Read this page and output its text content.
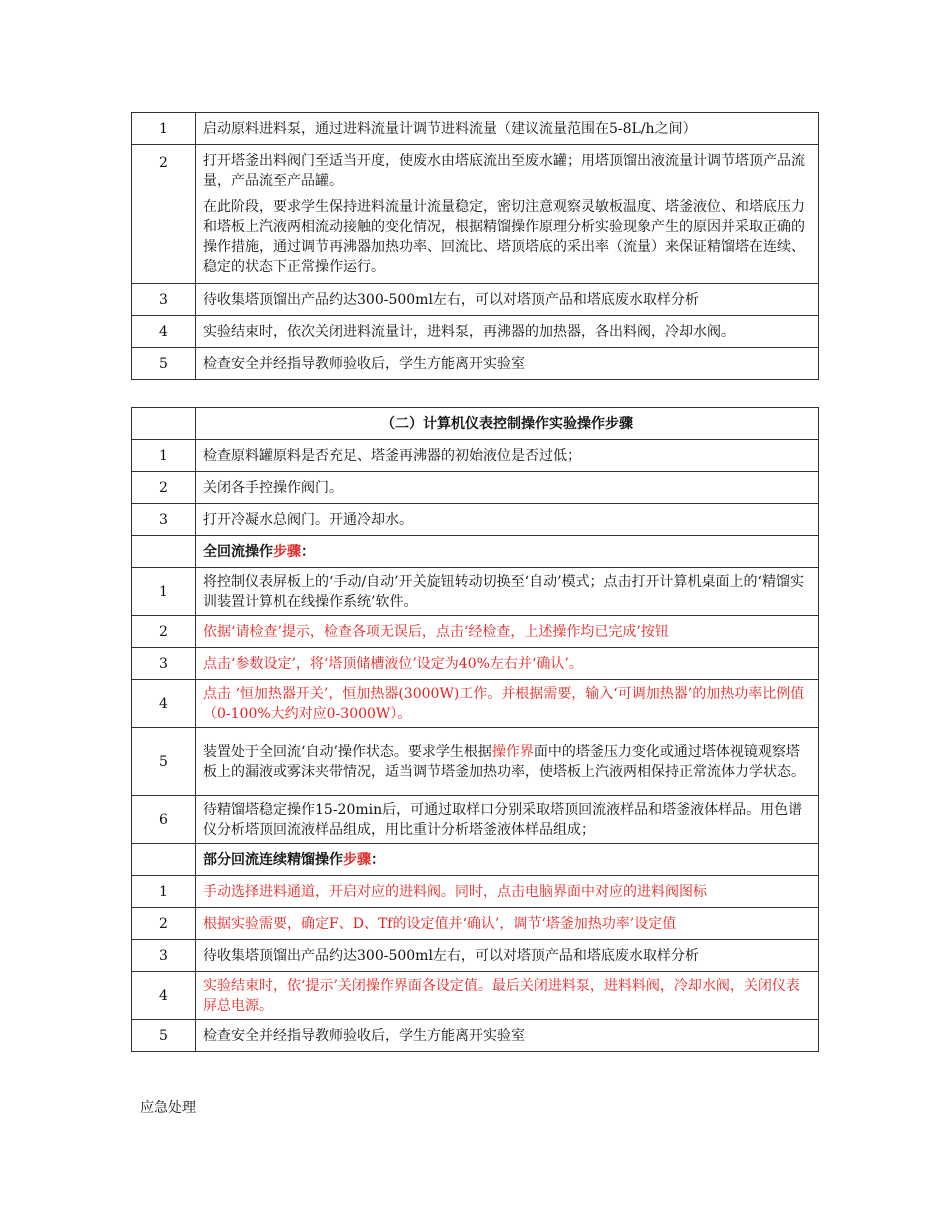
1	启动原料进料泵，通过进料流量计调节进料流量（建议流量范围在5-8L/h之间）
2	打开塔釜出料阀门至适当开度，使废水由塔底流出至废水罐；用塔顶馏出液流量计调节塔顶产品流量，产品流至产品罐。

在此阶段，要求学生保持进料流量计流量稳定，密切注意观察灵敏板温度、塔釜液位、和塔底压力和塔板上汽液两相流动接触的变化情况，根据精馏操作原理分析实验现象产生的原因并采取正确的操作措施，通过调节再沸器加热功率、回流比、塔顶塔底的采出率（流量）来保证精馏塔在连续、稳定的状态下正常操作运行。

3	待收集塔顶馏出产品约达300-500ml左右，可以对塔顶产品和塔底废水取样分析
4	实验结束时，依次关闭进料流量计，进料泵，再沸器的加热器，各出料阀，冷却水阀。
5	检查安全并经指导教师验收后，学生方能离开实验室
	（二）计算机仪表控制操作实验操作步骤
1	检查原料罐原料是否充足、塔釜再沸器的初始液位是否过低；
2	关闭各手控操作阀门。
3	打开冷凝水总阀门。开通冷却水。
	全回流操作步骤：
1	将控制仪表屏板上的‘手动/自动’开关旋钮转动切换至‘自动’模式；点击打开计算机桌面上的‘精馏实训装置计算机在线操作系统’软件。
2	依据‘请检查’提示，检查各项无误后，点击‘经检查，上述操作均已完成’按钮
3	点击‘参数设定’，将‘塔顶储槽液位’设定为40%左右并‘确认’。
4	点击 ‘恒加热器开关’，恒加热器(3000W)工作。并根据需要，输入‘可调加热器’的加热功率比例值（0-100%大约对应0-3000W）。
5	装置处于全回流‘自动’操作状态。要求学生根据操作界面中的塔釜压力变化或通过塔体视镜观察塔板上的漏液或雾沫夹带情况，适当调节塔釜加热功率，使塔板上汽液两相保持正常流体力学状态。
6	待精馏塔稳定操作15-20min后，可通过取样口分别采取塔顶回流液样品和塔釜液体样品。用色谱仪分析塔顶回流液样品组成，用比重计分析塔釜液体样品组成；
	部分回流连续精馏操作步骤：
1	手动选择进料通道，开启对应的进料阀。同时，点击电脑界面中对应的进料阀图标
2	根据实验需要，确定F、D、Tf的设定值并‘确认’，调节‘塔釜加热功率’设定值
3	待收集塔顶馏出产品约达300-500ml左右，可以对塔顶产品和塔底废水取样分析
4	实验结束时，依‘提示’关闭操作界面各设定值。最后关闭进料泵，进料料阀，冷却水阀，关闭仪表屏总电源。
5	检查安全并经指导教师验收后，学生方能离开实验室
应急处理
